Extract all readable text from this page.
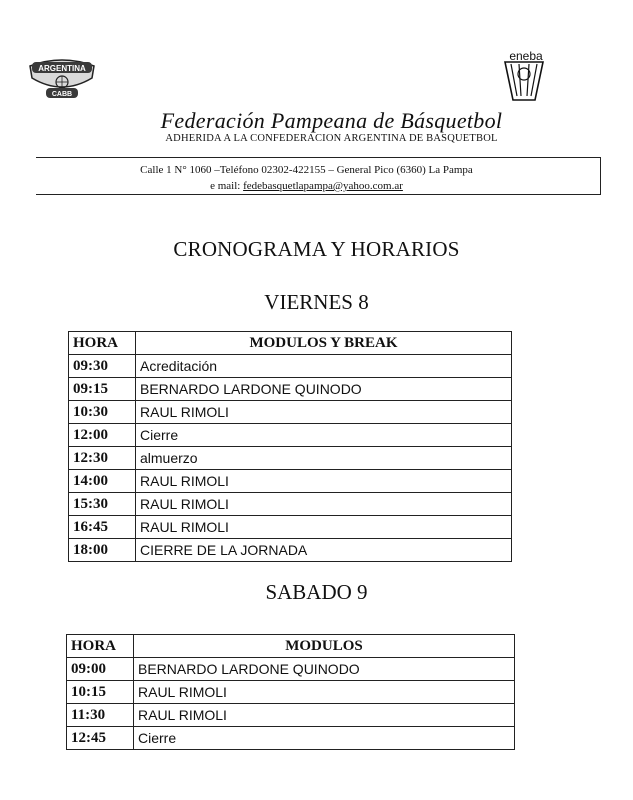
ARGENTINA
CABB
eneba
Federación Pampeana de Básquetbol
ADHERIDA A LA CONFEDERACION ARGENTINA DE BASQUETBOL
Calle 1 N° 1060 –Teléfono 02302-422155 – General Pico (6360) La Pampa
e mail: fedebasquetlapampa@yahoo.com.ar
CRONOGRAMA Y HORARIOS
VIERNES 8
HORA	MODULOS Y BREAK
09:30	Acreditación
09:15	BERNARDO LARDONE QUINODO
10:30	RAUL RIMOLI
12:00	Cierre
12:30	almuerzo
14:00	RAUL RIMOLI
15:30	RAUL RIMOLI
16:45	RAUL RIMOLI
18:00	CIERRE DE LA JORNADA
SABADO 9
HORA	MODULOS
09:00	BERNARDO LARDONE QUINODO
10:15	RAUL RIMOLI
11:30	RAUL RIMOLI
12:45	Cierre
